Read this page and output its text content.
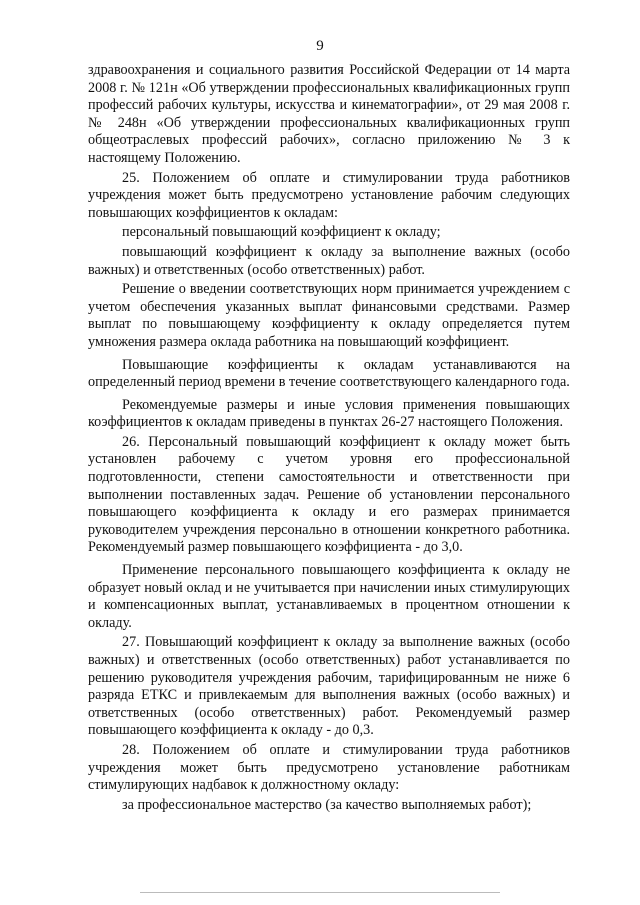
9

здравоохранения и социального развития Российской Федерации от 14 марта 2008 г. № 121н «Об утверждении профессиональных квалификационных групп профессий рабочих культуры, искусства и кинематографии», от 29 мая 2008 г. № 248н «Об утверждении профессиональных квалификационных групп общеотраслевых профессий рабочих», согласно приложению № 3 к настоящему Положению.

25. Положением об оплате и стимулировании труда работников учреждения может быть предусмотрено установление рабочим следующих повышающих коэффициентов к окладам:

персональный повышающий коэффициент к окладу;

повышающий коэффициент к окладу за выполнение важных (особо важных) и ответственных (особо ответственных) работ.

Решение о введении соответствующих норм принимается учреждением с учетом обеспечения указанных выплат финансовыми средствами. Размер выплат по повышающему коэффициенту к окладу определяется путем умножения размера оклада работника на повышающий коэффициент.

Повышающие коэффициенты к окладам устанавливаются на определенный период времени в течение соответствующего календарного года.

Рекомендуемые размеры и иные условия применения повышающих коэффициентов к окладам приведены в пунктах 26-27 настоящего Положения.

26. Персональный повышающий коэффициент к окладу может быть установлен рабочему с учетом уровня его профессиональной подготовленности, степени самостоятельности и ответственности при выполнении поставленных задач. Решение об установлении персонального повышающего коэффициента к окладу и его размерах принимается руководителем учреждения персонально в отношении конкретного работника. Рекомендуемый размер повышающего коэффициента - до 3,0.

Применение персонального повышающего коэффициента к окладу не образует новый оклад и не учитывается при начислении иных стимулирующих и компенсационных выплат, устанавливаемых в процентном отношении к окладу.

27. Повышающий коэффициент к окладу за выполнение важных (особо важных) и ответственных (особо ответственных) работ устанавливается по решению руководителя учреждения рабочим, тарифицированным не ниже 6 разряда ЕТКС и привлекаемым для выполнения важных (особо важных) и ответственных (особо ответственных) работ. Рекомендуемый размер повышающего коэффициента к окладу - до 0,3.

28. Положением об оплате и стимулировании труда работников учреждения может быть предусмотрено установление работникам стимулирующих надбавок к должностному окладу:

за профессиональное мастерство (за качество выполняемых работ);
